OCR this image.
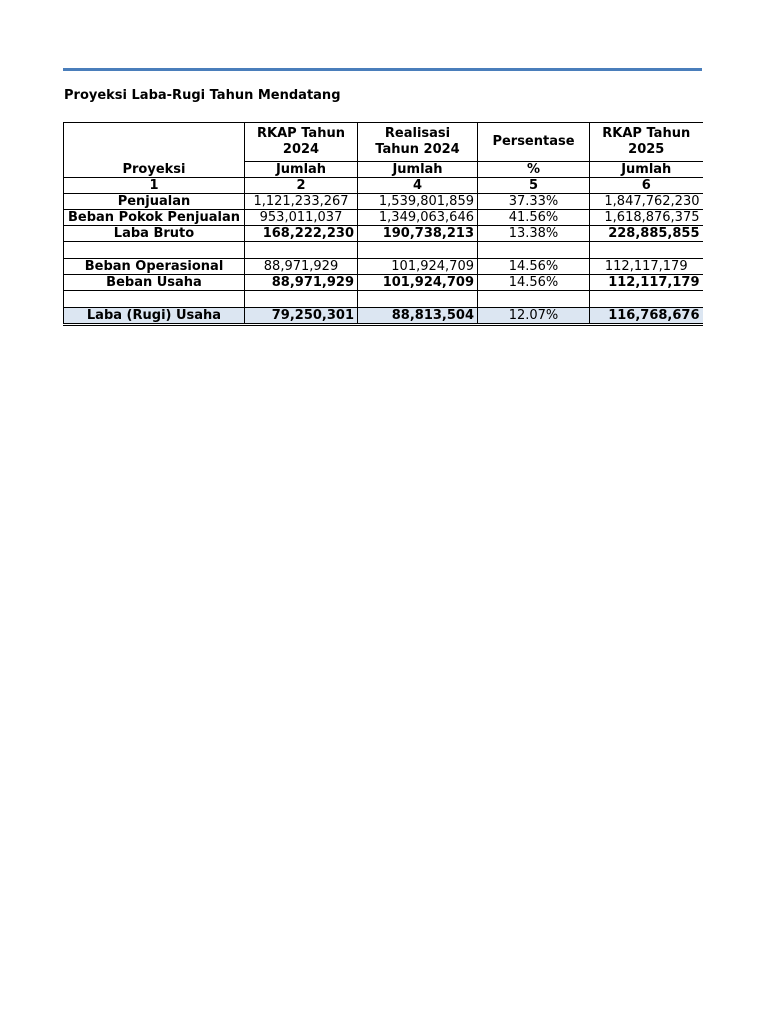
Proyeksi Laba-Rugi Tahun Mendatang
	RKAP Tahun 2024	Realisasi Tahun 2024	Persentase	RKAP Tahun 2025
Proyeksi	Jumlah	Jumlah	%	Jumlah
1	2	4	5	6
Penjualan	1,121,233,267	1,539,801,859	37.33%	1,847,762,230
Beban Pokok Penjualan	953,011,037	1,349,063,646	41.56%	1,618,876,375
Laba Bruto	168,222,230	190,738,213	13.38%	228,885,855

Beban Operasional	88,971,929	101,924,709	14.56%	112,117,179
Beban Usaha	88,971,929	101,924,709	14.56%	112,117,179

Laba (Rugi) Usaha	79,250,301	88,813,504	12.07%	116,768,676
